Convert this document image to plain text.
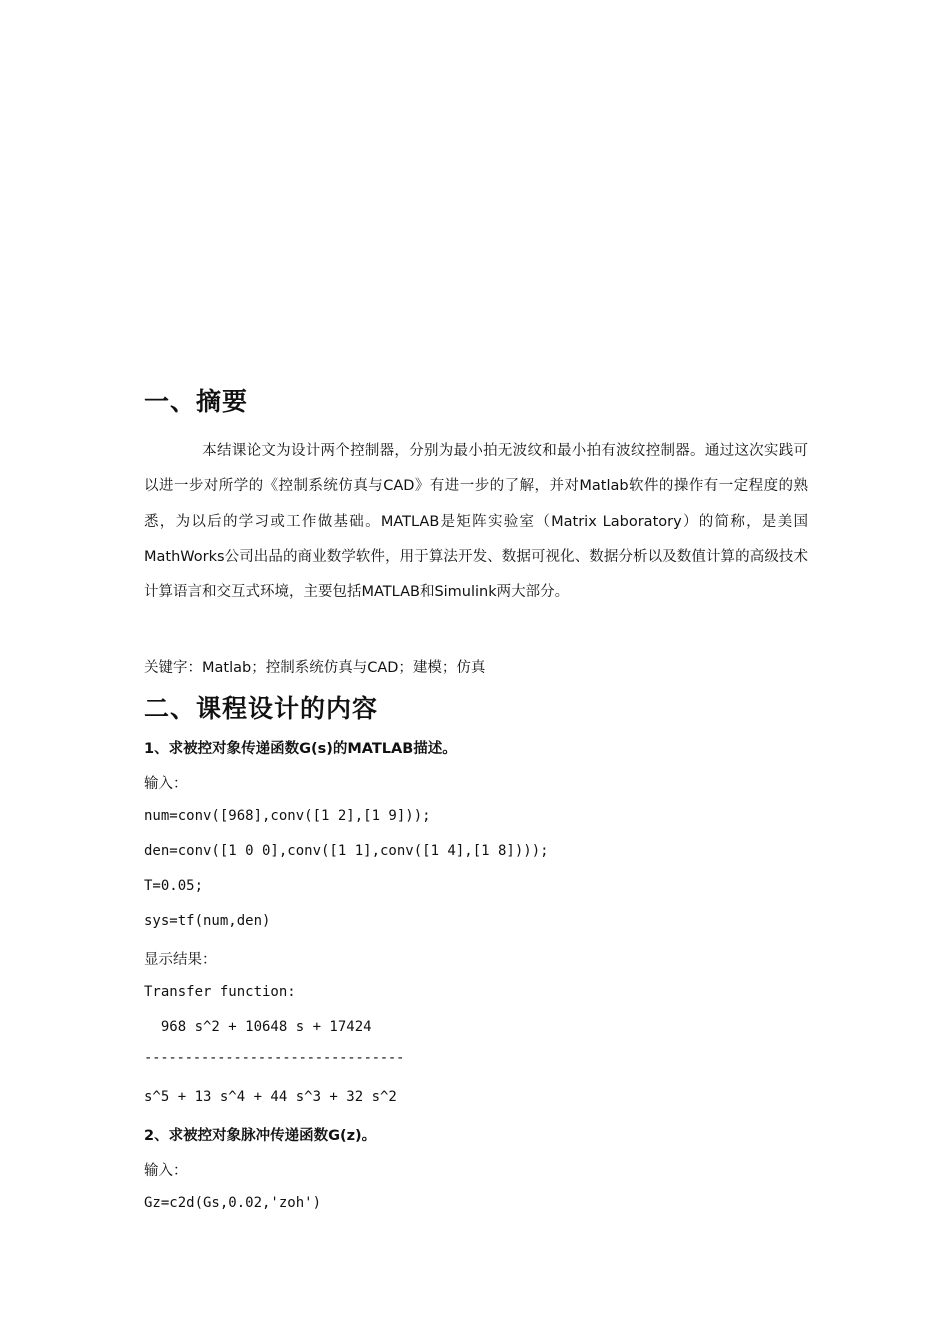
一、摘要

本结课论文为设计两个控制器，分别为最小拍无波纹和最小拍有波纹控制器。通过这次实践可以进一步对所学的《控制系统仿真与CAD》有进一步的了解，并对Matlab软件的操作有一定程度的熟悉，为以后的学习或工作做基础。MATLAB是矩阵实验室（Matrix Laboratory）的简称，是美国MathWorks公司出品的商业数学软件，用于算法开发、数据可视化、数据分析以及数值计算的高级技术计算语言和交互式环境，主要包括MATLAB和Simulink两大部分。

关键字：Matlab；控制系统仿真与CAD；建模；仿真
二、课程设计的内容
1、求被控对象传递函数G(s)的MATLAB描述。
输入：
num=conv([968],conv([1 2],[1 9]));
den=conv([1 0 0],conv([1 1],conv([1 4],[1 8])));
T=0.05;
sys=tf(num,den)
显示结果：
Transfer function:
968 s^2 + 10648 s + 17424
--------------------------------
s^5 + 13 s^4 + 44 s^3 + 32 s^2
2、求被控对象脉冲传递函数G(z)。
输入：
Gz=c2d(Gs,0.02,'zoh')
